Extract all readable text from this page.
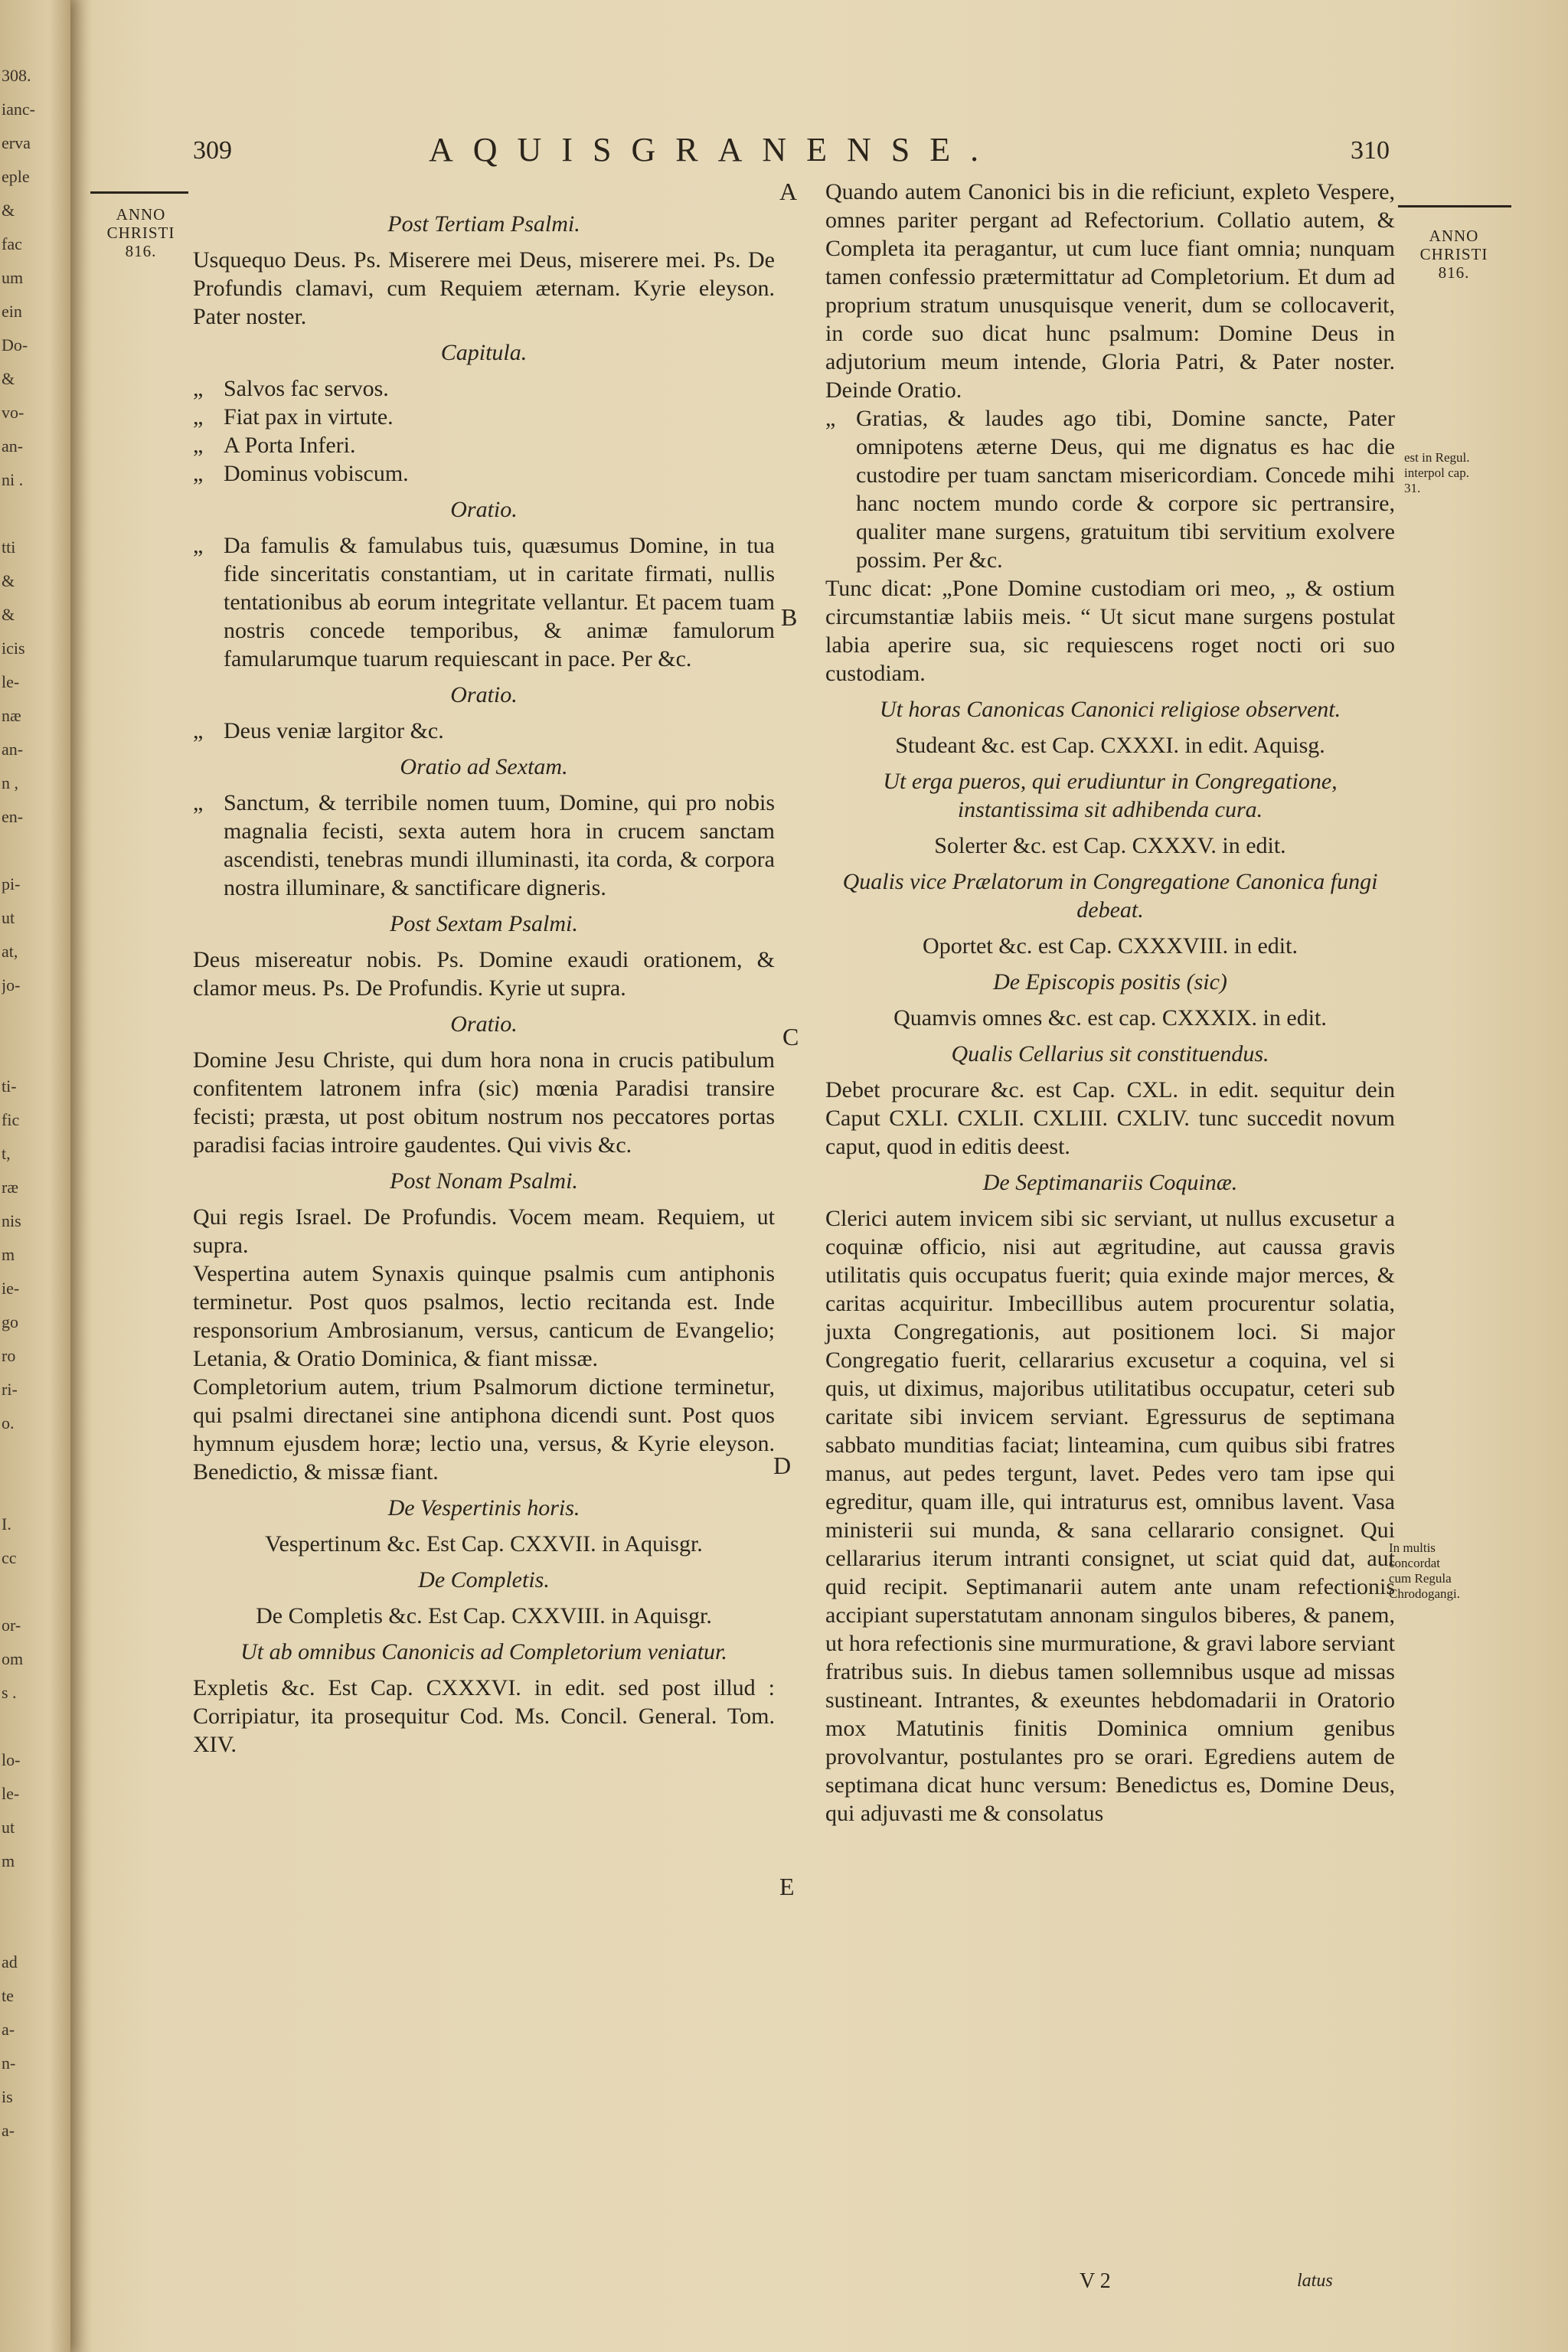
308.
ianc-
erva
eple
&
fac
um
ein
Do-
&
vo-
an-
ni .
tti
&
&
icis
le-
næ
an-
n ,
en-
pi-
ut
at,
jo-
ti-
fic
t,
ræ
nis
m
ie-
go
ro
ri-
o.
I.
cc
or-
om
s .
lo-
le-
ut
m
ad
te
a-
n-
is
a-
309	AQUISGRANENSE.	310
ANNO
CHRISTI
816.
ANNO
CHRISTI
816.
est in Regul.
interpol cap.
31.
In multis
concordat
cum Regula
Chrodogangi.
A
B
C
D
E

Post Tertiam Psalmi.

Usquequo Deus. Ps. Miserere mei Deus, miserere mei. Ps. De Profundis clamavi, cum Requiem æternam. Kyrie eleyson. Pater noster.

Capitula.

„ Salvos fac servos.

„ Fiat pax in virtute.

„ A Porta Inferi.

„ Dominus vobiscum.

Oratio.

„ Da famulis & famulabus tuis, quæsumus Domine, in tua fide sinceritatis constantiam, ut in caritate firmati, nullis tentationibus ab eorum integritate vellantur. Et pacem tuam nostris concede temporibus, & animæ famulorum famularumque tuarum requiescant in pace. Per &c.

Oratio.

„ Deus veniæ largitor &c.

Oratio ad Sextam.

„ Sanctum, & terribile nomen tuum, Domine, qui pro nobis magnalia fecisti, sexta autem hora in crucem sanctam ascendisti, tenebras mundi illuminasti, ita corda, & corpora nostra illuminare, & sanctificare digneris.

Post Sextam Psalmi.

Deus misereatur nobis. Ps. Domine exaudi orationem, & clamor meus. Ps. De Profundis. Kyrie ut supra.

Oratio.

Domine Jesu Christe, qui dum hora nona in crucis patibulum confitentem latronem infra (sic) mœnia Paradisi transire fecisti; præsta, ut post obitum nostrum nos peccatores portas paradisi facias introire gaudentes. Qui vivis &c.

Post Nonam Psalmi.

Qui regis Israel. De Profundis. Vocem meam. Requiem, ut supra.

Vespertina autem Synaxis quinque psalmis cum antiphonis terminetur. Post quos psalmos, lectio recitanda est. Inde responsorium Ambrosianum, versus, canticum de Evangelio; Letania, & Oratio Dominica, & fiant missæ.

Completorium autem, trium Psalmorum dictione terminetur, qui psalmi directanei sine antiphona dicendi sunt. Post quos hymnum ejusdem horæ; lectio una, versus, & Kyrie eleyson. Benedictio, & missæ fiant.

De Vespertinis horis.

Vespertinum &c. Est Cap. CXXVII. in Aquisgr.

De Completis.

De Completis &c. Est Cap. CXXVIII. in Aquisgr.

Ut ab omnibus Canonicis ad Completorium veniatur.

Expletis &c. Est Cap. CXXXVI. in edit. sed post illud : Corripiatur, ita prosequitur Cod. Ms. Concil. General. Tom. XIV.

Quando autem Canonici bis in die reficiunt, expleto Vespere, omnes pariter pergant ad Refectorium. Collatio autem, & Completa ita peragantur, ut cum luce fiant omnia; nunquam tamen confessio prætermittatur ad Completorium. Et dum ad proprium stratum unusquisque venerit, dum se collocaverit, in corde suo dicat hunc psalmum: Domine Deus in adjutorium meum intende, Gloria Patri, & Pater noster. Deinde Oratio.

„ Gratias, & laudes ago tibi, Domine sancte, Pater omnipotens æterne Deus, qui me dignatus es hac die custodire per tuam sanctam misericordiam. Concede mihi hanc noctem mundo corde & corpore sic pertransire, qualiter mane surgens, gratuitum tibi servitium exolvere possim. Per &c.

Tunc dicat: „Pone Domine custodiam ori meo, „ & ostium circumstantiæ labiis meis. “ Ut sicut mane surgens postulat labia aperire sua, sic requiescens roget nocti ori suo custodiam.

Ut horas Canonicas Canonici religiose observent.

Studeant &c. est Cap. CXXXI. in edit. Aquisg.

Ut erga pueros, qui erudiuntur in Congregatione, instantissima sit adhibenda cura.

Solerter &c. est Cap. CXXXV. in edit.

Qualis vice Prælatorum in Congregatione Canonica fungi debeat.

Oportet &c. est Cap. CXXXVIII. in edit.

De Episcopis positis (sic)

Quamvis omnes &c. est cap. CXXXIX. in edit.

Qualis Cellarius sit constituendus.

Debet procurare &c. est Cap. CXL. in edit. sequitur dein Caput CXLI. CXLII. CXLIII. CXLIV. tunc succedit novum caput, quod in editis deest.

De Septimanariis Coquinæ.

Clerici autem invicem sibi sic serviant, ut nullus excusetur a coquinæ officio, nisi aut ægritudine, aut caussa gravis utilitatis quis occupatus fuerit; quia exinde major merces, & caritas acquiritur. Imbecillibus autem procurentur solatia, juxta Congregationis, aut positionem loci. Si major Congregatio fuerit, cellararius excusetur a coquina, vel si quis, ut diximus, majoribus utilitatibus occupatur, ceteri sub caritate sibi invicem serviant. Egressurus de septimana sabbato munditias faciat; linteamina, cum quibus sibi fratres manus, aut pedes tergunt, lavet. Pedes vero tam ipse qui egreditur, quam ille, qui intraturus est, omnibus lavent. Vasa ministerii sui munda, & sana cellarario consignet. Qui cellararius iterum intranti consignet, ut sciat quid dat, aut quid recipit. Septimanarii autem ante unam refectionis accipiant superstatutam annonam singulos biberes, & panem, ut hora refectionis sine murmuratione, & gravi labore serviant fratribus suis. In diebus tamen sollemnibus usque ad missas sustineant. Intrantes, & exeuntes hebdomadarii in Oratorio mox Matutinis finitis Dominica omnium genibus provolvantur, postulantes pro se orari. Egrediens autem de septimana dicat hunc versum: Benedictus es, Domine Deus, qui adjuvasti me & consolatus

V 2	latus
